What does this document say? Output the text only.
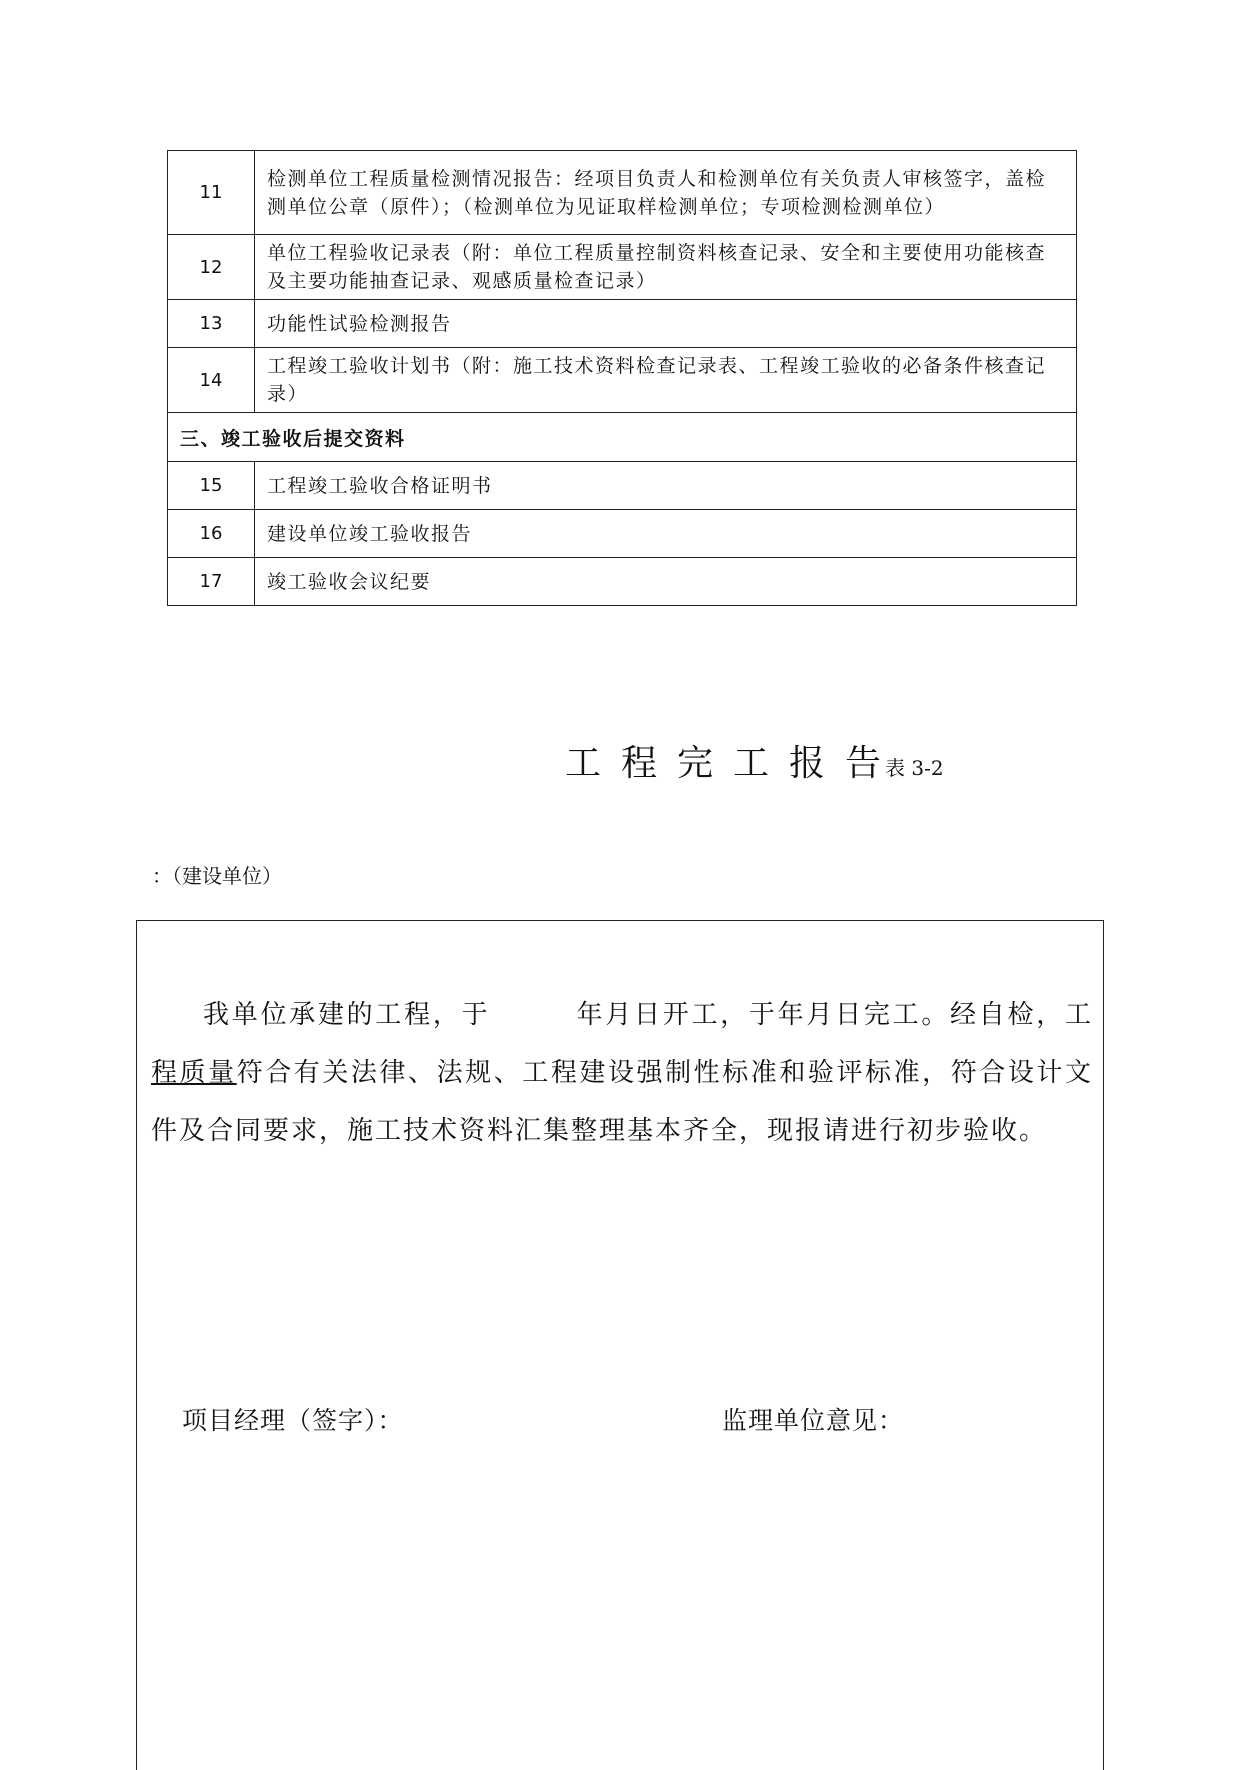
11	检测单位工程质量检测情况报告：经项目负责人和检测单位有关负责人审核签字，盖检测单位公章（原件）；（检测单位为见证取样检测单位；专项检测检测单位）
12	单位工程验收记录表（附：单位工程质量控制资料核查记录、安全和主要使用功能核查及主要功能抽查记录、观感质量检查记录）
13	功能性试验检测报告
14	工程竣工验收计划书（附：施工技术资料检查记录表、工程竣工验收的必备条件核查记录）
三、竣工验收后提交资料	
15	工程竣工验收合格证明书
16	建设单位竣工验收报告
17	竣工验收会议纪要
工程完工报告表 3-2
：（建设单位）
我单位承建的工程，于　　　年月日开工，于年月日完工。经自检，工程质量符合有关法律、法规、工程建设强制性标准和验评标准，符合设计文件及合同要求，施工技术资料汇集整理基本齐全，现报请进行初步验收。
项目经理（签字）：	监理单位意见：
